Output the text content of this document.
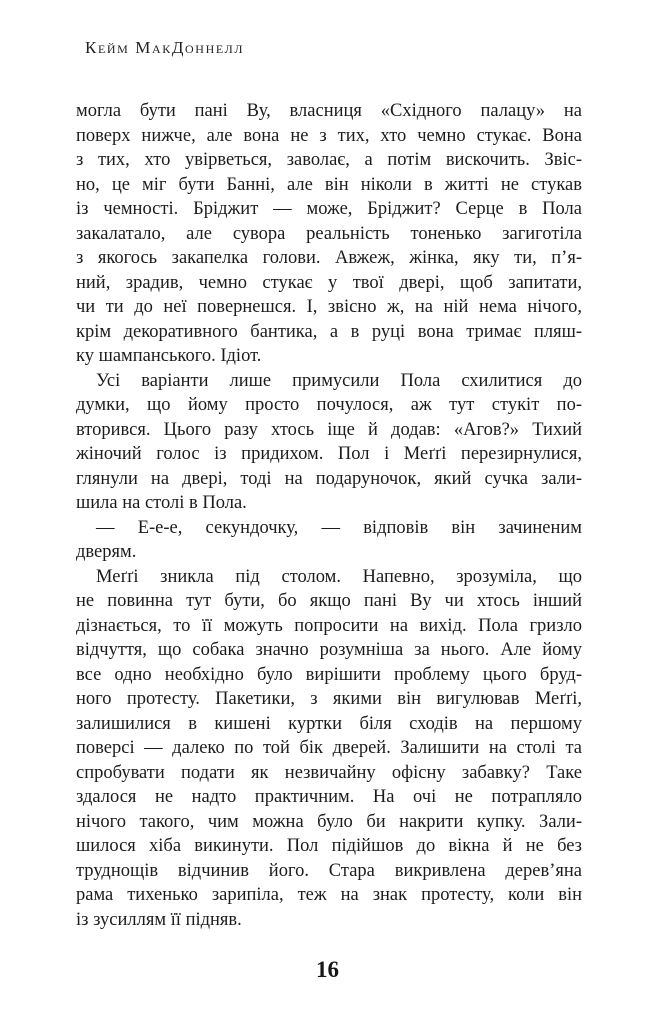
Кейм МакДоннелл
могла бути пані Ву, власниця «Східного палацу» на
поверх нижче, але вона не з тих, хто чемно стукає. Вона
з тих, хто увірветься, заволає, а потім вискочить. Звіс-
но, це міг бути Банні, але він ніколи в житті не стукав
із чемності. Бріджит — може, Бріджит? Серце в Пола
закалатало, але сувора реальність тоненько загиготіла
з якогось закапелка голови. Авжеж, жінка, яку ти, п’я-
ний, зрадив, чемно стукає у твої двері, щоб запитати,
чи ти до неї повернешся. І, звісно ж, на ній нема нічого,
крім декоративного бантика, а в руці вона тримає пляш-
ку шампанського. Ідіот.
Усі варіанти лише примусили Пола схилитися до
думки, що йому просто почулося, аж тут стукіт по-
вторився. Цього разу хтось іще й додав: «Агов?» Тихий
жіночий голос із придихом. Пол і Меґґі перезирнулися,
глянули на двері, тоді на подаруночок, який сучка зали-
шила на столі в Пола.
— Е-е-е, секундочку, — відповів він зачиненим
дверям.
Меґґі зникла під столом. Напевно, зрозуміла, що
не повинна тут бути, бо якщо пані Ву чи хтось інший
дізнається, то її можуть попросити на вихід. Пола гризло
відчуття, що собака значно розумніша за нього. Але йому
все одно необхідно було вирішити проблему цього бруд-
ного протесту. Пакетики, з якими він вигулював Меґґі,
залишилися в кишені куртки біля сходів на першому
поверсі — далеко по той бік дверей. Залишити на столі та
спробувати подати як незвичайну офісну забавку? Таке
здалося не надто практичним. На очі не потрапляло
нічого такого, чим можна було би накрити купку. Зали-
шилося хіба викинути. Пол підійшов до вікна й не без
труднощів відчинив його. Стара викривлена дерев’яна
рама тихенько зарипіла, теж на знак протесту, коли він
із зусиллям її підняв.
16
